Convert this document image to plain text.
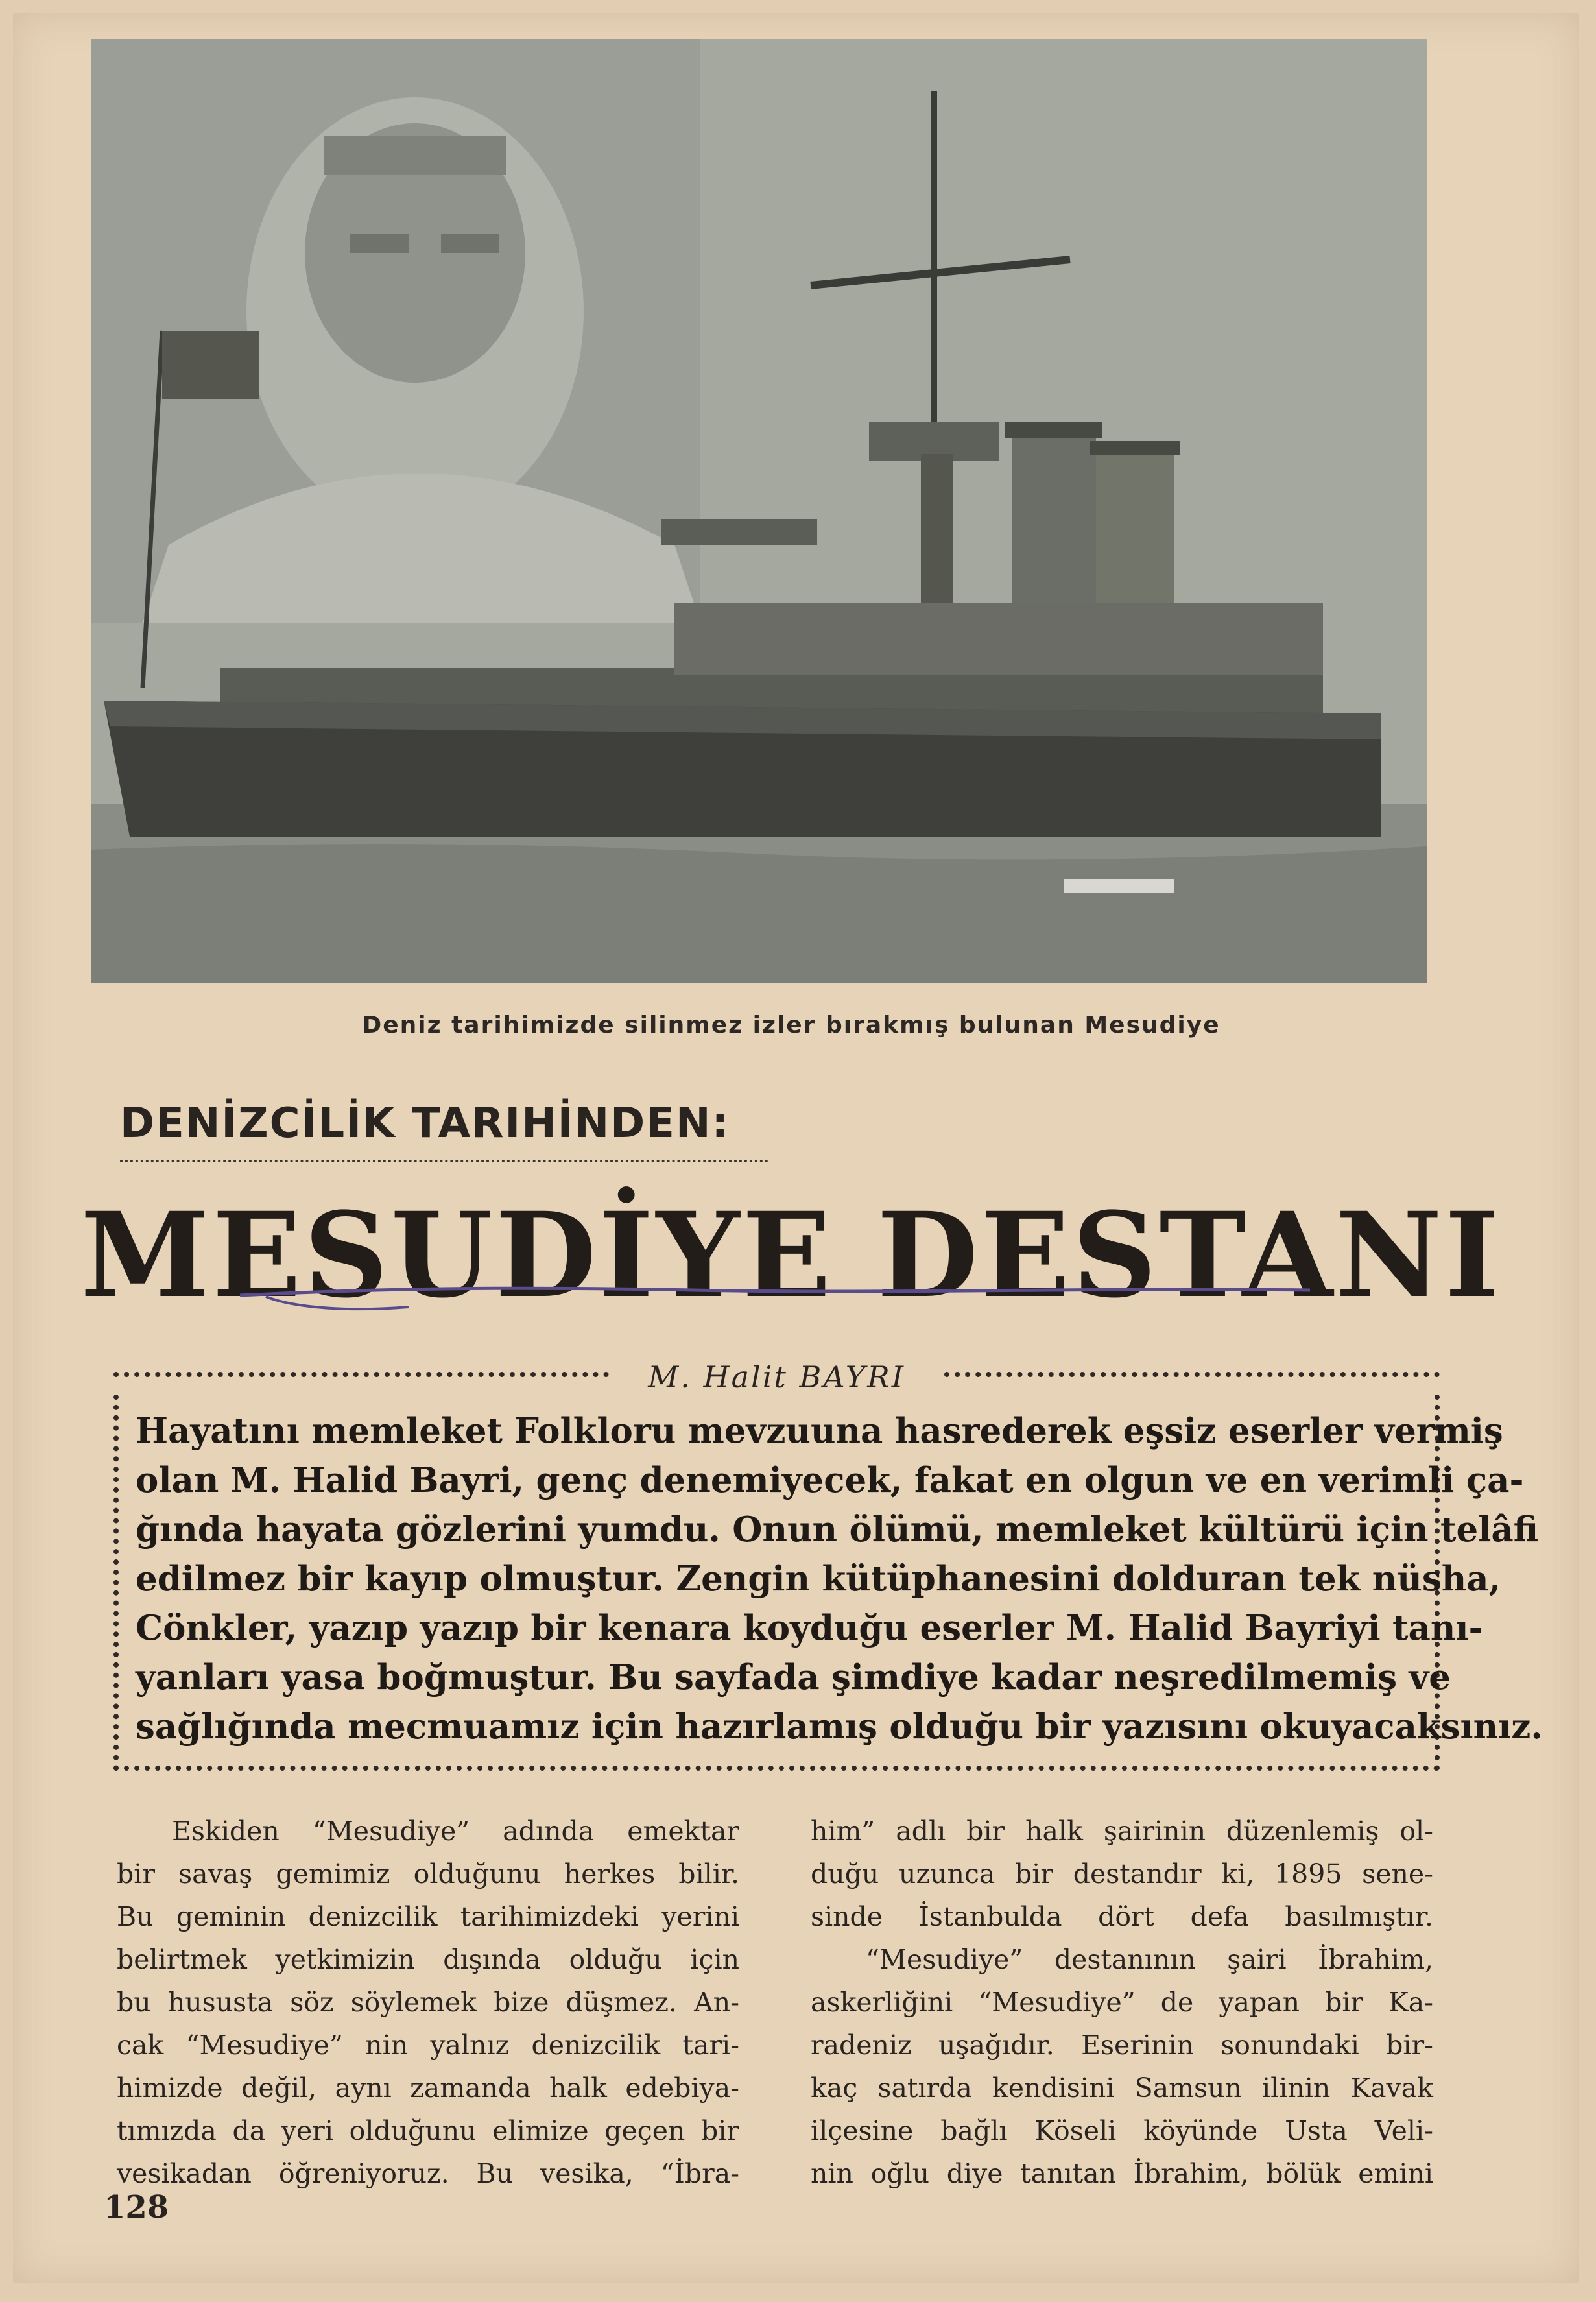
Deniz tarihimizde silinmez izler bırakmış bulunan Mesudiye
DENİZCİLİK TARIHİNDEN:
MESUDİYE DESTANI
M. Halit BAYRI
Hayatını memleket Folkloru mevzuuna hasrederek eşsiz eserler vermiş
olan M. Halid Bayri, genç denemiyecek, fakat en olgun ve en verimli ça-
ğında hayata gözlerini yumdu. Onun ölümü, memleket kültürü için telâfi
edilmez bir kayıp olmuştur. Zengin kütüphanesini dolduran tek nüsha,
Cönkler, yazıp yazıp bir kenara koyduğu eserler M. Halid Bayriyi tanı-
yanları yasa boğmuştur. Bu sayfada şimdiye kadar neşredilmemiş ve
sağlığında mecmuamız için hazırlamış olduğu bir yazısını okuyacaksınız.
Eskiden “Mesudiye” adında emektar
bir savaş gemimiz olduğunu herkes bilir.
Bu geminin denizcilik tarihimizdeki yerini
belirtmek yetkimizin dışında olduğu için
bu hususta söz söylemek bize düşmez. An-
cak “Mesudiye” nin yalnız denizcilik tari-
himizde değil, aynı zamanda halk edebiya-
tımızda da yeri olduğunu elimize geçen bir
vesikadan öğreniyoruz. Bu vesika, “İbra-
him” adlı bir halk şairinin düzenlemiş ol-
duğu uzunca bir destandır ki, 1895 sene-
sinde İstanbulda dört defa basılmıştır.
“Mesudiye” destanının şairi İbrahim,
askerliğini “Mesudiye” de yapan bir Ka-
radeniz uşağıdır. Eserinin sonundaki bir-
kaç satırda kendisini Samsun ilinin Kavak
ilçesine bağlı Köseli köyünde Usta Veli-
nin oğlu diye tanıtan İbrahim, bölük emini
128
